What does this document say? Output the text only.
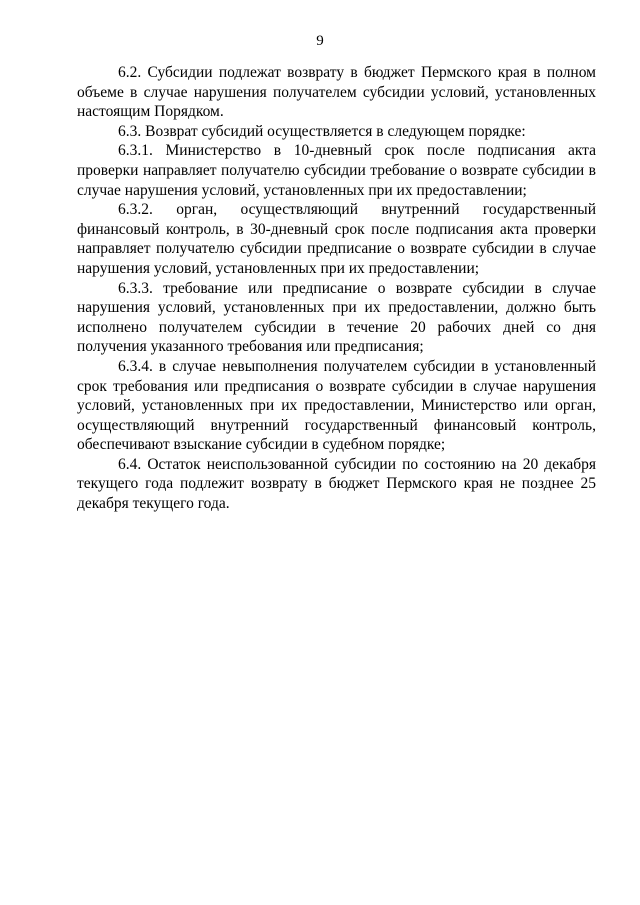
9

6.2. Субсидии подлежат возврату в бюджет Пермского края в полном объеме в случае нарушения получателем субсидии условий, установленных настоящим Порядком.

6.3. Возврат субсидий осуществляется в следующем порядке:

6.3.1. Министерство в 10-дневный срок после подписания акта проверки направляет получателю субсидии требование о возврате субсидии в случае нарушения условий, установленных при их предоставлении;

6.3.2. орган, осуществляющий внутренний государственный финансовый контроль, в 30-дневный срок после подписания акта проверки направляет получателю субсидии предписание о возврате субсидии в случае нарушения условий, установленных при их предоставлении;

6.3.3. требование или предписание о возврате субсидии в случае нарушения условий, установленных при их предоставлении, должно быть исполнено получателем субсидии в течение 20 рабочих дней со дня получения указанного требования или предписания;

6.3.4. в случае невыполнения получателем субсидии в установленный срок требования или предписания о возврате субсидии в случае нарушения условий, установленных при их предоставлении, Министерство или орган, осуществляющий внутренний государственный финансовый контроль, обеспечивают взыскание субсидии в судебном порядке;

6.4. Остаток неиспользованной субсидии по состоянию на 20 декабря текущего года подлежит возврату в бюджет Пермского края не позднее 25 декабря текущего года.
